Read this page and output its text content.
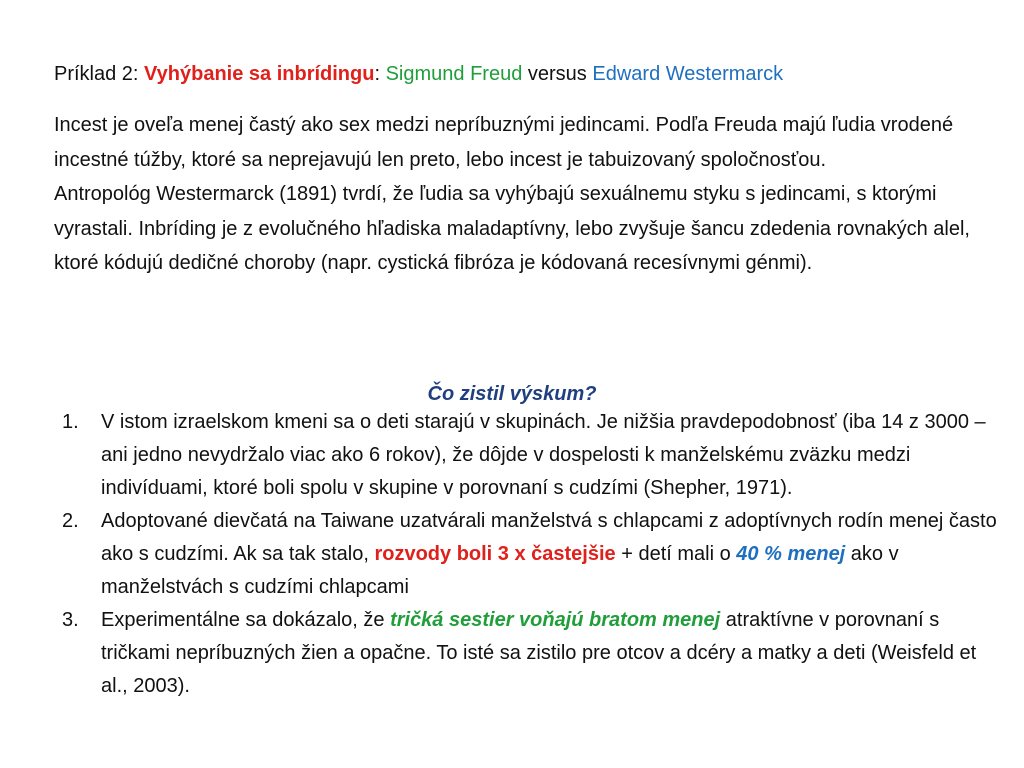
Príklad 2: Vyhýbanie sa inbrídingu: Sigmund Freud versus Edward Westermarck

Incest je oveľa menej častý ako sex medzi nepríbuznými jedincami. Podľa Freuda majú ľudia vrodené incestné túžby, ktoré sa neprejavujú len preto, lebo incest je tabuizovaný spoločnosťou.

Antropológ Westermarck (1891) tvrdí, že ľudia sa vyhýbajú sexuálnemu styku s jedincami, s ktorými vyrastali. Inbríding je z evolučného hľadiska maladaptívny, lebo zvyšuje šancu zdedenia rovnakých alel, ktoré kódujú dedičné choroby (napr. cystická fibróza je kódovaná recesívnymi génmi).

Čo zistil výskum?
1. V istom izraelskom kmeni sa o deti starajú v skupinách. Je nižšia pravdepodobnosť (iba 14 z 3000 – ani jedno nevydržalo viac ako 6 rokov), že dôjde v dospelosti k manželskému zväzku medzi indivíduami, ktoré boli spolu v skupine v porovnaní s cudzími (Shepher, 1971).
2. Adoptované dievčatá na Taiwane uzatvárali manželstvá s chlapcami z adoptívnych rodín menej často ako s cudzími. Ak sa tak stalo, rozvody boli 3 x častejšie + detí mali o 40 % menej ako v manželstvách s cudzími chlapcami
3. Experimentálne sa dokázalo, že tričká sestier voňajú bratom menej atraktívne v porovnaní s tričkami nepríbuzných žien a opačne. To isté sa zistilo pre otcov a dcéry a matky a deti (Weisfeld et al., 2003).
